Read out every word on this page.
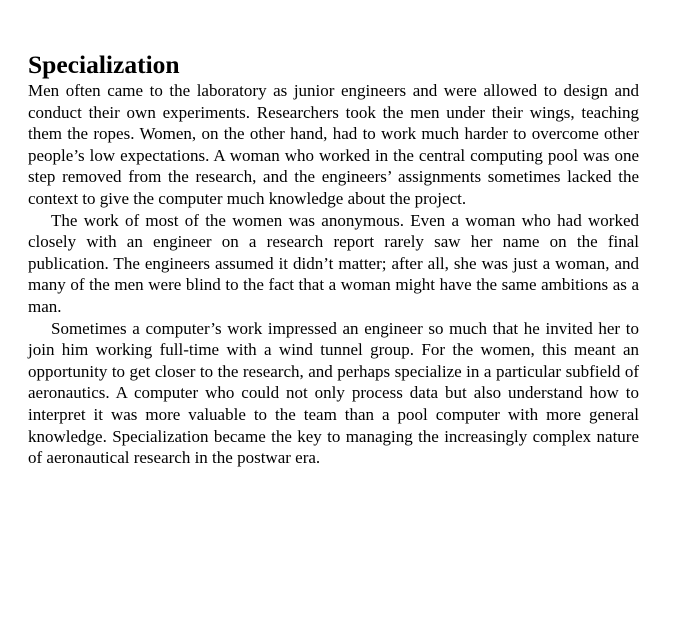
Specialization

Men often came to the laboratory as junior engineers and were allowed to design and conduct their own experiments. Researchers took the men under their wings, teaching them the ropes. Women, on the other hand, had to work much harder to overcome other people’s low expectations. A woman who worked in the central computing pool was one step removed from the research, and the engineers’ assignments sometimes lacked the context to give the computer much knowledge about the project.

The work of most of the women was anonymous. Even a woman who had worked closely with an engineer on a research report rarely saw her name on the final publication. The engineers assumed it didn’t matter; after all, she was just a woman, and many of the men were blind to the fact that a woman might have the same ambitions as a man.

Sometimes a computer’s work impressed an engineer so much that he invited her to join him working full-time with a wind tunnel group. For the women, this meant an opportunity to get closer to the research, and perhaps specialize in a particular subfield of aeronautics. A computer who could not only process data but also understand how to interpret it was more valuable to the team than a pool computer with more general knowledge. Specialization became the key to managing the increasingly complex nature of aeronautical research in the postwar era.
